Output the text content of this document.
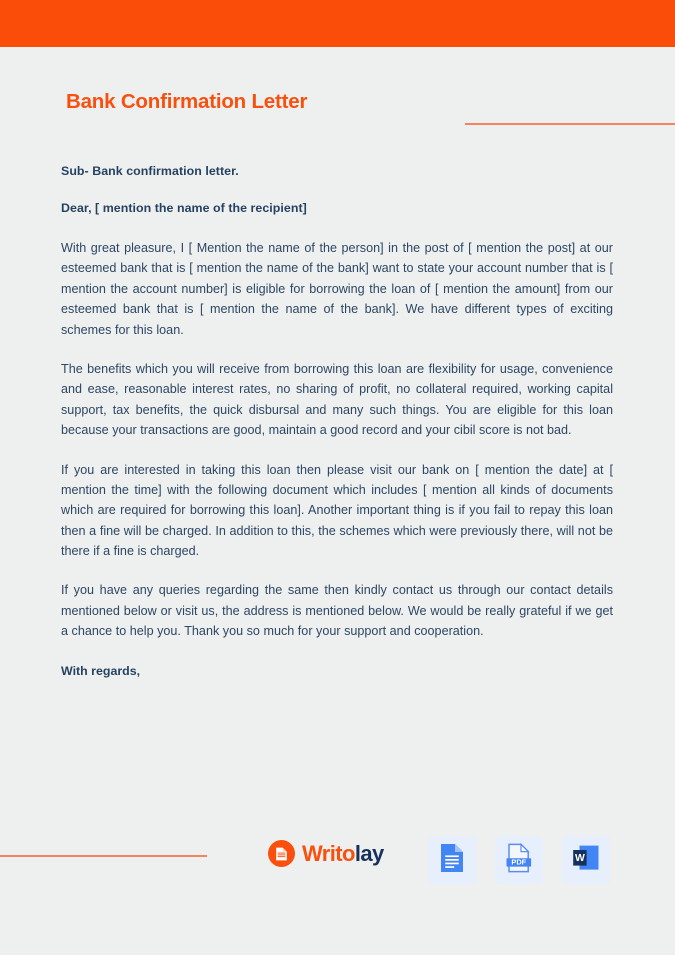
Bank Confirmation Letter

Sub- Bank confirmation letter.

Dear, [ mention the name of the recipient]

With great pleasure, I [ Mention the name of the person] in the post of [ mention the post] at our esteemed bank that is [ mention the name of the bank] want to state your account number that is [ mention the account number] is eligible for borrowing the loan of [ mention the amount] from our esteemed bank that is [ mention the name of the bank]. We have different types of exciting schemes for this loan.

The benefits which you will receive from borrowing this loan are flexibility for usage, convenience and ease, reasonable interest rates, no sharing of profit, no collateral required, working capital support, tax benefits, the quick disbursal and many such things. You are eligible for this loan because your transactions are good, maintain a good record and your cibil score is not bad.

If you are interested in taking this loan then please visit our bank on [ mention the date] at [ mention the time] with the following document which includes [ mention all kinds of documents which are required for borrowing this loan]. Another important thing is if you fail to repay this loan then a fine will be charged. In addition to this, the schemes which were previously there, will not be there if a fine is charged.

If you have any queries regarding the same then kindly contact us through our contact details mentioned below or visit us, the address is mentioned below. We would be really grateful if we get a chance to help you. Thank you so much for your support and cooperation.

With regards,

Writolay	PDF	W
